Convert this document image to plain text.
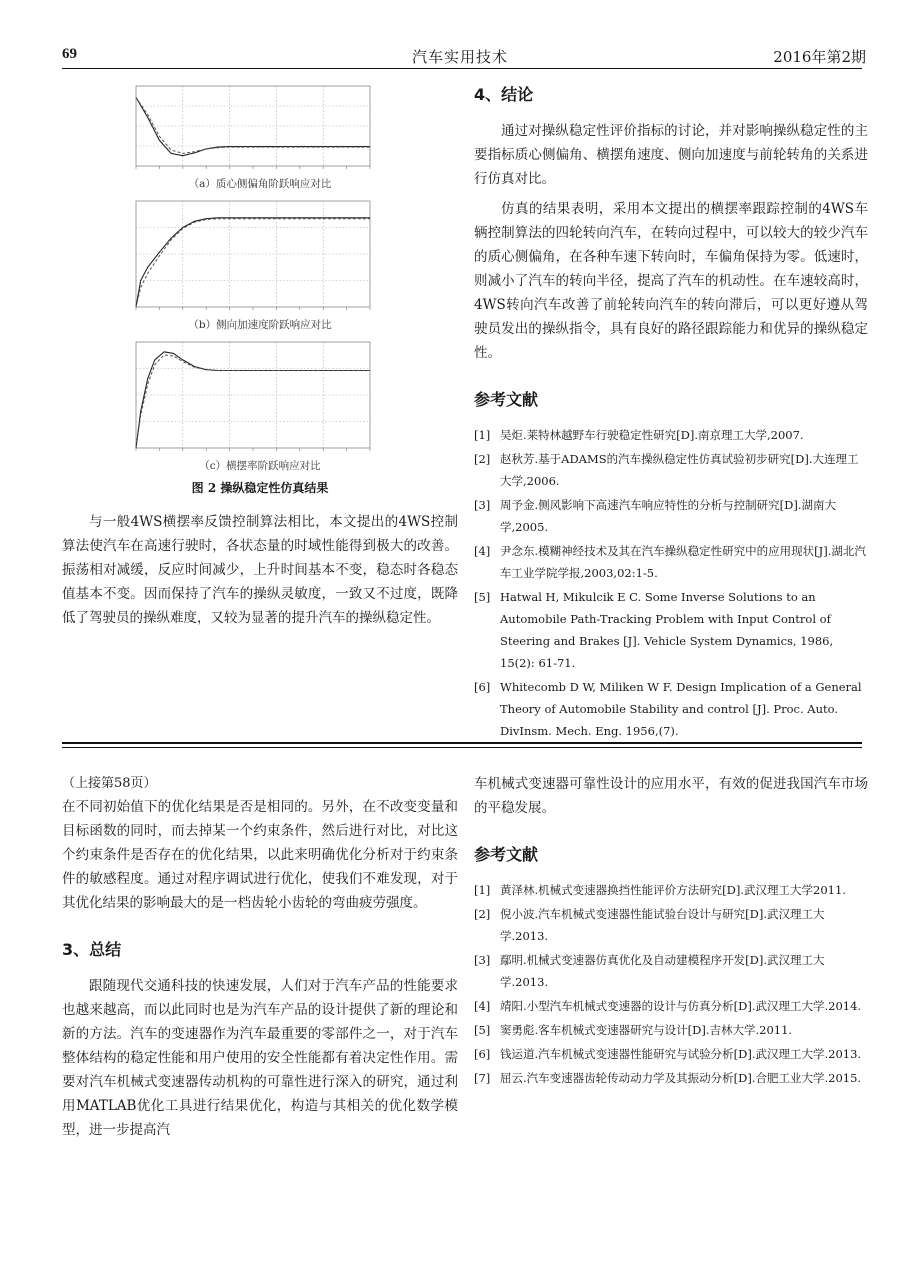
69	汽车实用技术	2016年第2期
（a）质心侧偏角阶跃响应对比
（b）侧向加速度阶跃响应对比
（c）横摆率阶跃响应对比
图 2 操纵稳定性仿真结果

与一般4WS横摆率反馈控制算法相比，本文提出的4WS控制算法使汽车在高速行驶时，各状态量的时域性能得到极大的改善。振荡相对减缓，反应时间减少，上升时间基本不变，稳态时各稳态值基本不变。因而保持了汽车的操纵灵敏度，一致又不过度，既降低了驾驶员的操纵难度，又较为显著的提升汽车的操纵稳定性。

4、结论

通过对操纵稳定性评价指标的讨论，并对影响操纵稳定性的主要指标质心侧偏角、横摆角速度、侧向加速度与前轮转角的关系进行仿真对比。

仿真的结果表明，采用本文提出的横摆率跟踪控制的4WS车辆控制算法的四轮转向汽车，在转向过程中，可以较大的较少汽车的质心侧偏角，在各种车速下转向时，车偏角保持为零。低速时，则减小了汽车的转向半径，提高了汽车的机动性。在车速较高时，4WS转向汽车改善了前轮转向汽车的转向滞后，可以更好遵从驾驶员发出的操纵指令，具有良好的路径跟踪能力和优异的操纵稳定性。

参考文献
[1] 吴炬.莱特林越野车行驶稳定性研究[D].南京理工大学,2007.
[2] 赵秋芳.基于ADAMS的汽车操纵稳定性仿真试验初步研究[D].大连理工大学,2006.
[3] 周予金.侧风影响下高速汽车响应特性的分析与控制研究[D].湖南大学,2005.
[4] 尹念东.模糊神经技术及其在汽车操纵稳定性研究中的应用现状[J].湖北汽车工业学院学报,2003,02:1-5.
[5] Hatwal H, Mikulcik E C. Some Inverse Solutions to an Automobile Path-Tracking Problem with Input Control of Steering and Brakes [J]. Vehicle System Dynamics, 1986, 15(2): 61-71.
[6] Whitecomb D W, Miliken W F. Design Implication of a General Theory of Automobile Stability and control [J]. Proc. Auto. DivInsm. Mech. Eng. 1956,(7).
（上接第58页）

在不同初始值下的优化结果是否是相同的。另外，在不改变变量和目标函数的同时，而去掉某一个约束条件，然后进行对比，对比这个约束条件是否存在的优化结果，以此来明确优化分析对于约束条件的敏感程度。通过对程序调试进行优化，使我们不难发现，对于其优化结果的影响最大的是一档齿轮小齿轮的弯曲疲劳强度。

3、总结

跟随现代交通科技的快速发展，人们对于汽车产品的性能要求也越来越高，而以此同时也是为汽车产品的设计提供了新的理论和新的方法。汽车的变速器作为汽车最重要的零部件之一，对于汽车整体结构的稳定性能和用户使用的安全性能都有着决定性作用。需要对汽车机械式变速器传动机构的可靠性进行深入的研究，通过利用MATLAB优化工具进行结果优化，构造与其相关的优化数学模型，进一步提高汽

车机械式变速器可靠性设计的应用水平，有效的促进我国汽车市场的平稳发展。

参考文献
[1] 黄泽林.机械式变速器换挡性能评价方法研究[D].武汉理工大学2011.
[2] 倪小波.汽车机械式变速器性能试验台设计与研究[D].武汉理工大学.2013.
[3] 鄢明.机械式变速器仿真优化及自动建模程序开发[D].武汉理工大学.2013.
[4] 靖阳.小型汽车机械式变速器的设计与仿真分析[D].武汉理工大学.2014.
[5] 窦勇彪.客车机械式变速器研究与设计[D].吉林大学.2011.
[6] 钱运道.汽车机械式变速器性能研究与试验分析[D].武汉理工大学.2013.
[7] 屈云.汽车变速器齿轮传动动力学及其振动分析[D].合肥工业大学.2015.
